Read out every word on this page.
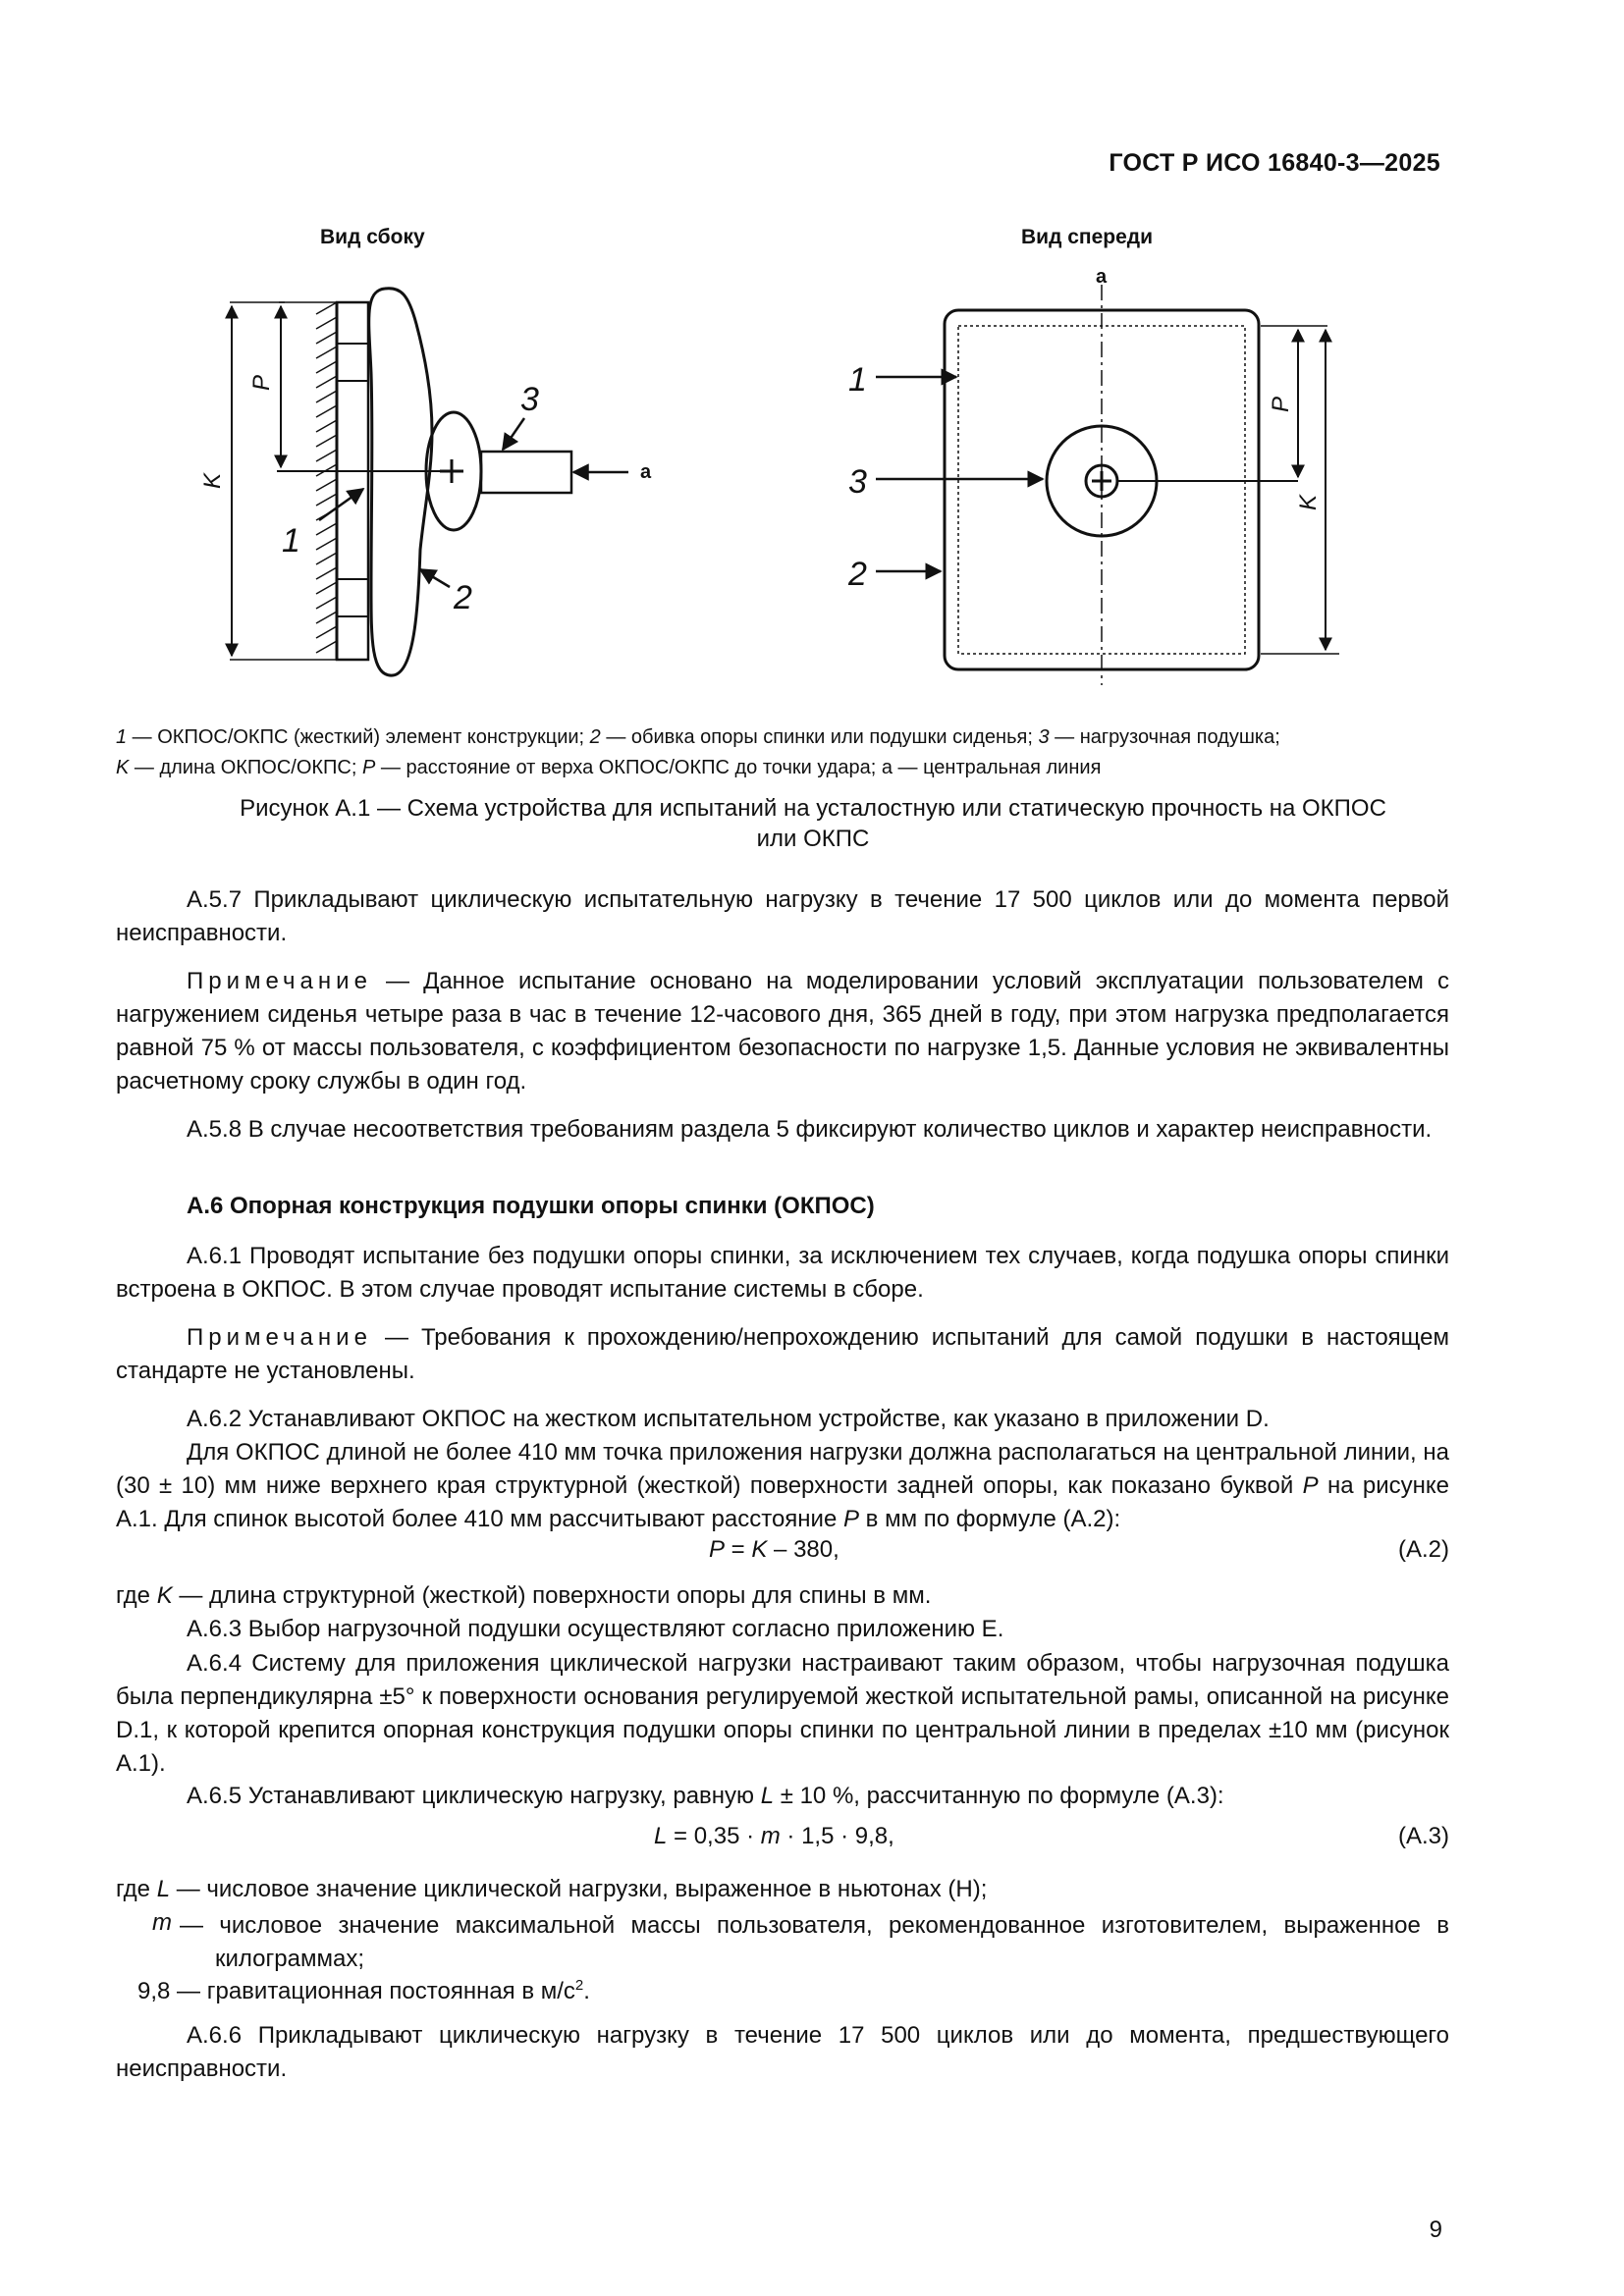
ГОСТ Р ИСО 16840-3—2025
Вид сбоку	Вид спереди
3
1
2
a
P
K
a
1
3
2
P
K
1 — ОКПОС/ОКПС (жесткий) элемент конструкции; 2 — обивка опоры спинки или подушки сиденья; 3 — нагрузочная подушка;
K — длина ОКПОС/ОКПС; P — расстояние от верха ОКПОС/ОКПС до точки удара; а — центральная линия
Рисунок А.1 — Схема устройства для испытаний на усталостную или статическую прочность на ОКПОС
или ОКПС
А.5.7 Прикладывают циклическую испытательную нагрузку в течение 17 500 циклов или до момента первой неисправности.
Примечание — Данное испытание основано на моделировании условий эксплуатации пользователем с нагружением сиденья четыре раза в час в течение 12-часового дня, 365 дней в году, при этом нагрузка предполагается равной 75 % от массы пользователя, с коэффициентом безопасности по нагрузке 1,5. Данные условия не эквивалентны расчетному сроку службы в один год.
А.5.8 В случае несоответствия требованиям раздела 5 фиксируют количество циклов и характер неисправности.
А.6 Опорная конструкция подушки опоры спинки (ОКПОС)
А.6.1 Проводят испытание без подушки опоры спинки, за исключением тех случаев, когда подушка опоры спинки встроена в ОКПОС. В этом случае проводят испытание системы в сборе.
Примечание — Требования к прохождению/непрохождению испытаний для самой подушки в настоящем стандарте не установлены.
А.6.2 Устанавливают ОКПОС на жестком испытательном устройстве, как указано в приложении D.
Для ОКПОС длиной не более 410 мм точка приложения нагрузки должна располагаться на центральной линии, на (30 ± 10) мм ниже верхнего края структурной (жесткой) поверхности задней опоры, как показано буквой P на рисунке А.1. Для спинок высотой более 410 мм рассчитывают расстояние P в мм по формуле (А.2):
P = K – 380,	(А.2)
где K — длина структурной (жесткой) поверхности опоры для спины в мм.
А.6.3 Выбор нагрузочной подушки осуществляют согласно приложению Е.
А.6.4 Систему для приложения циклической нагрузки настраивают таким образом, чтобы нагрузочная подушка была перпендикулярна ±5° к поверхности основания регулируемой жесткой испытательной рамы, описанной на рисунке D.1, к которой крепится опорная конструкция подушки опоры спинки по центральной линии в пределах ±10 мм (рисунок А.1).
А.6.5 Устанавливают циклическую нагрузку, равную L ± 10 %, рассчитанную по формуле (А.3):
L = 0,35 · m · 1,5 · 9,8,	(А.3)
где L — числовое значение циклической нагрузки, выраженное в ньютонах (Н);
m — числовое значение максимальной массы пользователя, рекомендованное изготовителем, выраженное в килограммах;
9,8 — гравитационная постоянная в $м/с^2$.
А.6.6 Прикладывают циклическую нагрузку в течение 17 500 циклов или до момента, предшествующего неисправности.
9
